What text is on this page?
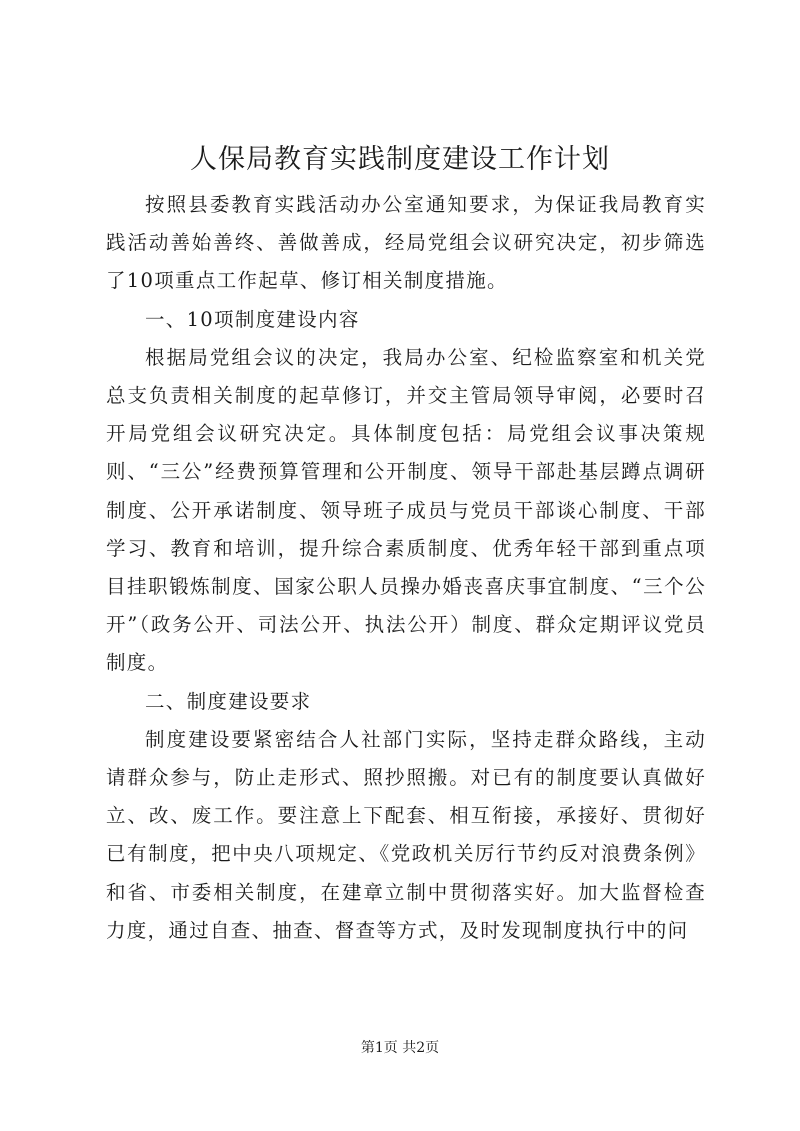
人保局教育实践制度建设工作计划

按照县委教育实践活动办公室通知要求，为保证我局教育实践活动善始善终、善做善成，经局党组会议研究决定，初步筛选了10项重点工作起草、修订相关制度措施。

一、10项制度建设内容

根据局党组会议的决定，我局办公室、纪检监察室和机关党总支负责相关制度的起草修订，并交主管局领导审阅，必要时召开局党组会议研究决定。具体制度包括：局党组会议事决策规则、“三公”经费预算管理和公开制度、领导干部赴基层蹲点调研制度、公开承诺制度、领导班子成员与党员干部谈心制度、干部学习、教育和培训，提升综合素质制度、优秀年轻干部到重点项目挂职锻炼制度、国家公职人员操办婚丧喜庆事宜制度、“三个公开”（政务公开、司法公开、执法公开）制度、群众定期评议党员制度。

二、制度建设要求

制度建设要紧密结合人社部门实际，坚持走群众路线，主动请群众参与，防止走形式、照抄照搬。对已有的制度要认真做好立、改、废工作。要注意上下配套、相互衔接，承接好、贯彻好已有制度，把中央八项规定、《党政机关厉行节约反对浪费条例》和省、市委相关制度，在建章立制中贯彻落实好。加大监督检查力度，通过自查、抽查、督查等方式，及时发现制度执行中的问

第1页 共2页
